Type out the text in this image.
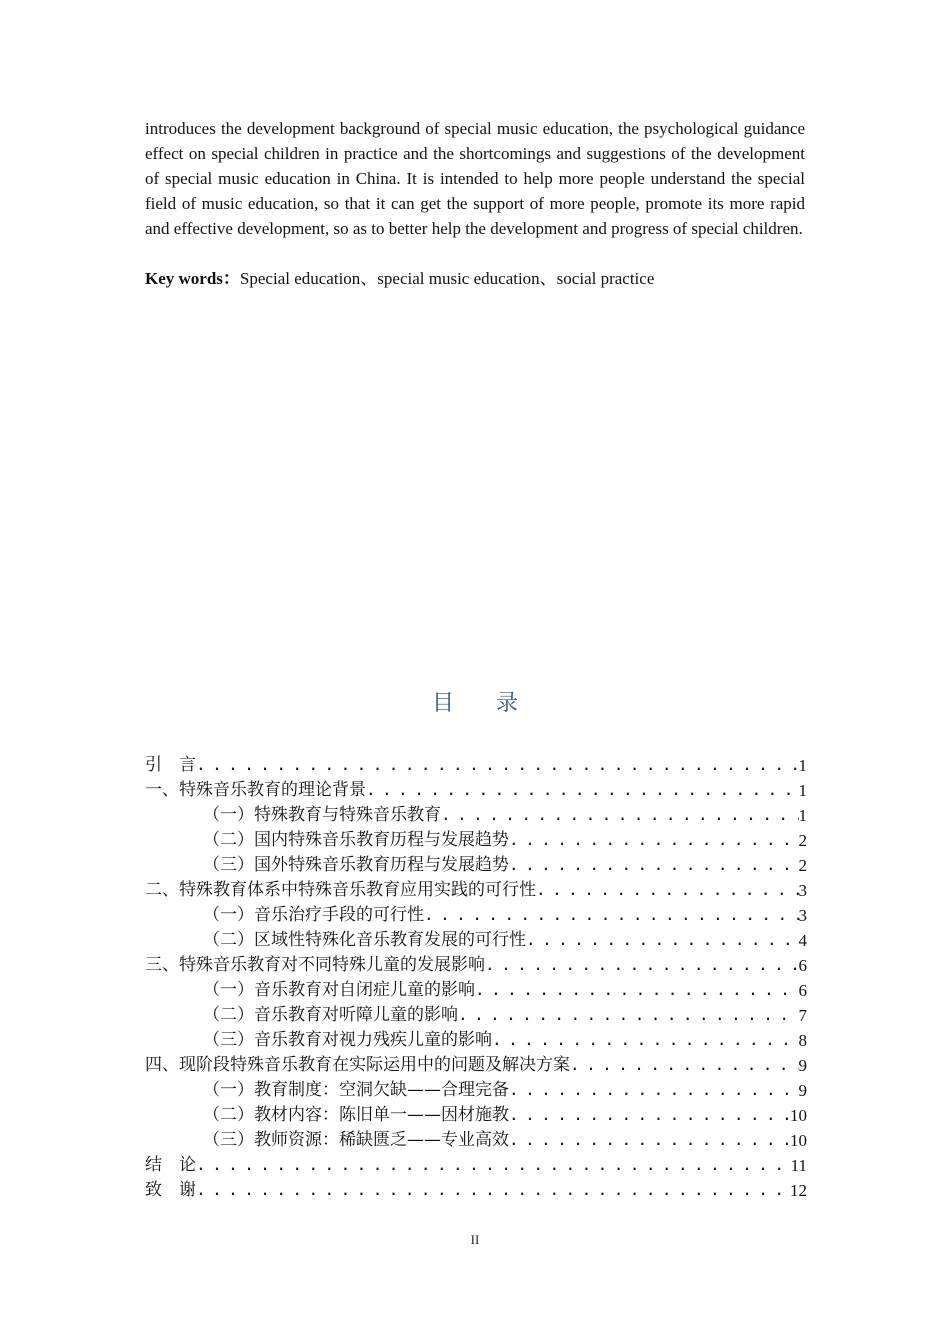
introduces the development background of special music education, the psychological guidance effect on special children in practice and the shortcomings and suggestions of the development of special music education in China. It is intended to help more people understand the special field of music education, so that it can get the support of more people, promote its more rapid and effective development, so as to better help the development and progress of special children.

Key words：Special education、special music education、social practice
目 录
引　言 . . .	1
一、特殊音乐教育的理论背景 . . .	1
（一）特殊教育与特殊音乐教育 . . .	1
（二）国内特殊音乐教育历程与发展趋势 . . .	2
（三）国外特殊音乐教育历程与发展趋势 . . .	2
二、特殊教育体系中特殊音乐教育应用实践的可行性 . . .	3
（一）音乐治疗手段的可行性 . . .	3
（二）区域性特殊化音乐教育发展的可行性 . . .	4
三、特殊音乐教育对不同特殊儿童的发展影响 . . .	6
（一）音乐教育对自闭症儿童的影响 . . .	6
（二）音乐教育对听障儿童的影响 . . .	7
（三）音乐教育对视力残疾儿童的影响 . . .	8
四、现阶段特殊音乐教育在实际运用中的问题及解决方案 . . .	9
（一）教育制度：空洞欠缺——合理完备 . . .	9
（二）教材内容：陈旧单一——因材施教 . . .	10
（三）教师资源：稀缺匮乏——专业高效 . . .	10
结　论 . . .	11
致　谢 . . .	12
II
